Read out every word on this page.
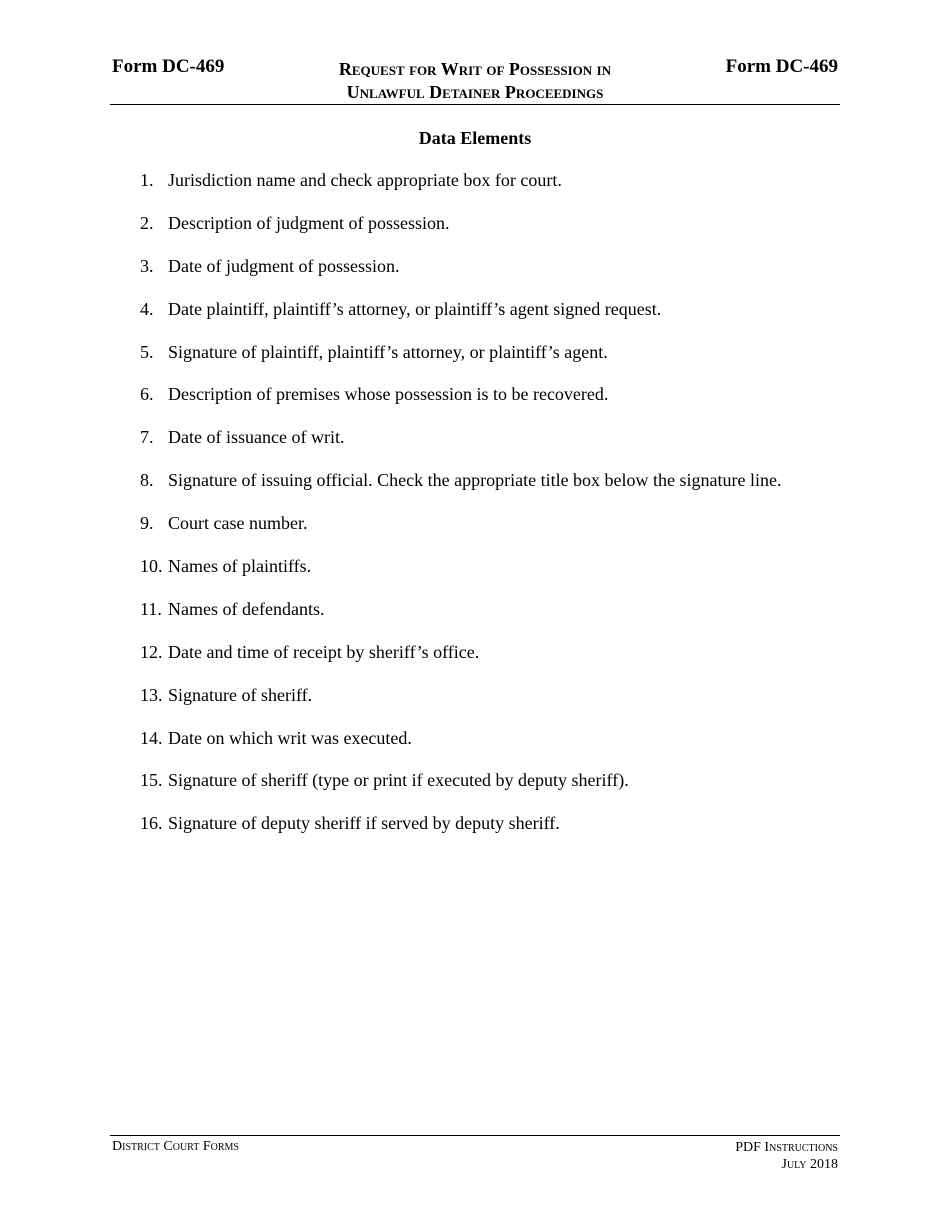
Form DC-469	Request for Writ of Possession in
Unlawful Detainer Proceedings
Form DC-469
Data Elements
1. Jurisdiction name and check appropriate box for court.
2. Description of judgment of possession.
3. Date of judgment of possession.
4. Date plaintiff, plaintiff’s attorney, or plaintiff’s agent signed request.
5. Signature of plaintiff, plaintiff’s attorney, or plaintiff’s agent.
6. Description of premises whose possession is to be recovered.
7. Date of issuance of writ.
8. Signature of issuing official. Check the appropriate title box below the signature line.
9. Court case number.
10. Names of plaintiffs.
11. Names of defendants.
12. Date and time of receipt by sheriff’s office.
13. Signature of sheriff.
14. Date on which writ was executed.
15. Signature of sheriff (type or print if executed by deputy sheriff).
16. Signature of deputy sheriff if served by deputy sheriff.
District Court Forms	PDF Instructions
July 2018
